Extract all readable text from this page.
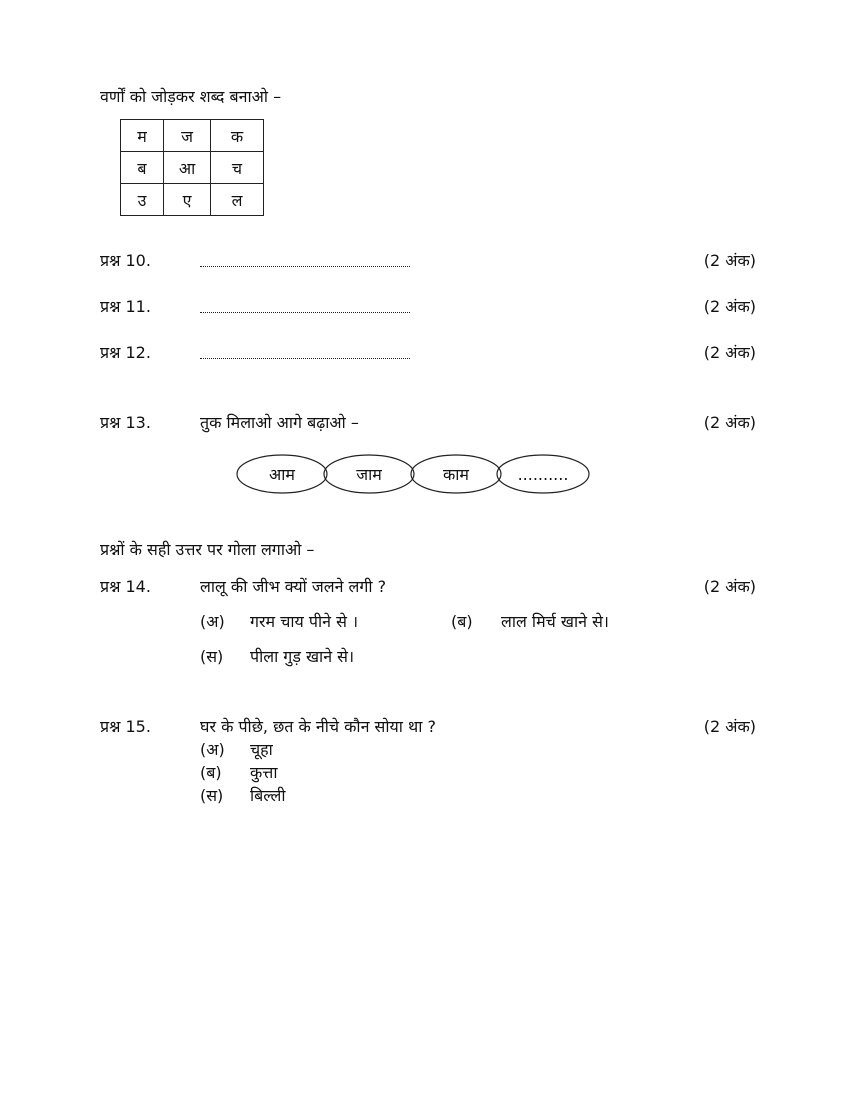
वर्णों को जोड़कर शब्द बनाओ –
म	ज	क
ब	आ	च
उ	ए	ल
प्रश्न 10.	(2 अंक)
प्रश्न 11.	(2 अंक)
प्रश्न 12.	(2 अंक)
प्रश्न 13.	तुक मिलाओ आगे बढ़ाओ –	(2 अंक)
आम	जाम	काम	..........
प्रश्नों के सही उत्तर पर गोला लगाओ –
प्रश्न 14.	लालू की जीभ क्यों जलने लगी ?	(2 अंक)
(अ) गरम चाय पीने से ।	(ब) लाल मिर्च खाने से।
(स) पीला गुड़ खाने से।
प्रश्न 15.	घर के पीछे, छत के नीचे कौन सोया था ?	(2 अंक)
(अ) चूहा
(ब) कुत्ता
(स) बिल्ली
